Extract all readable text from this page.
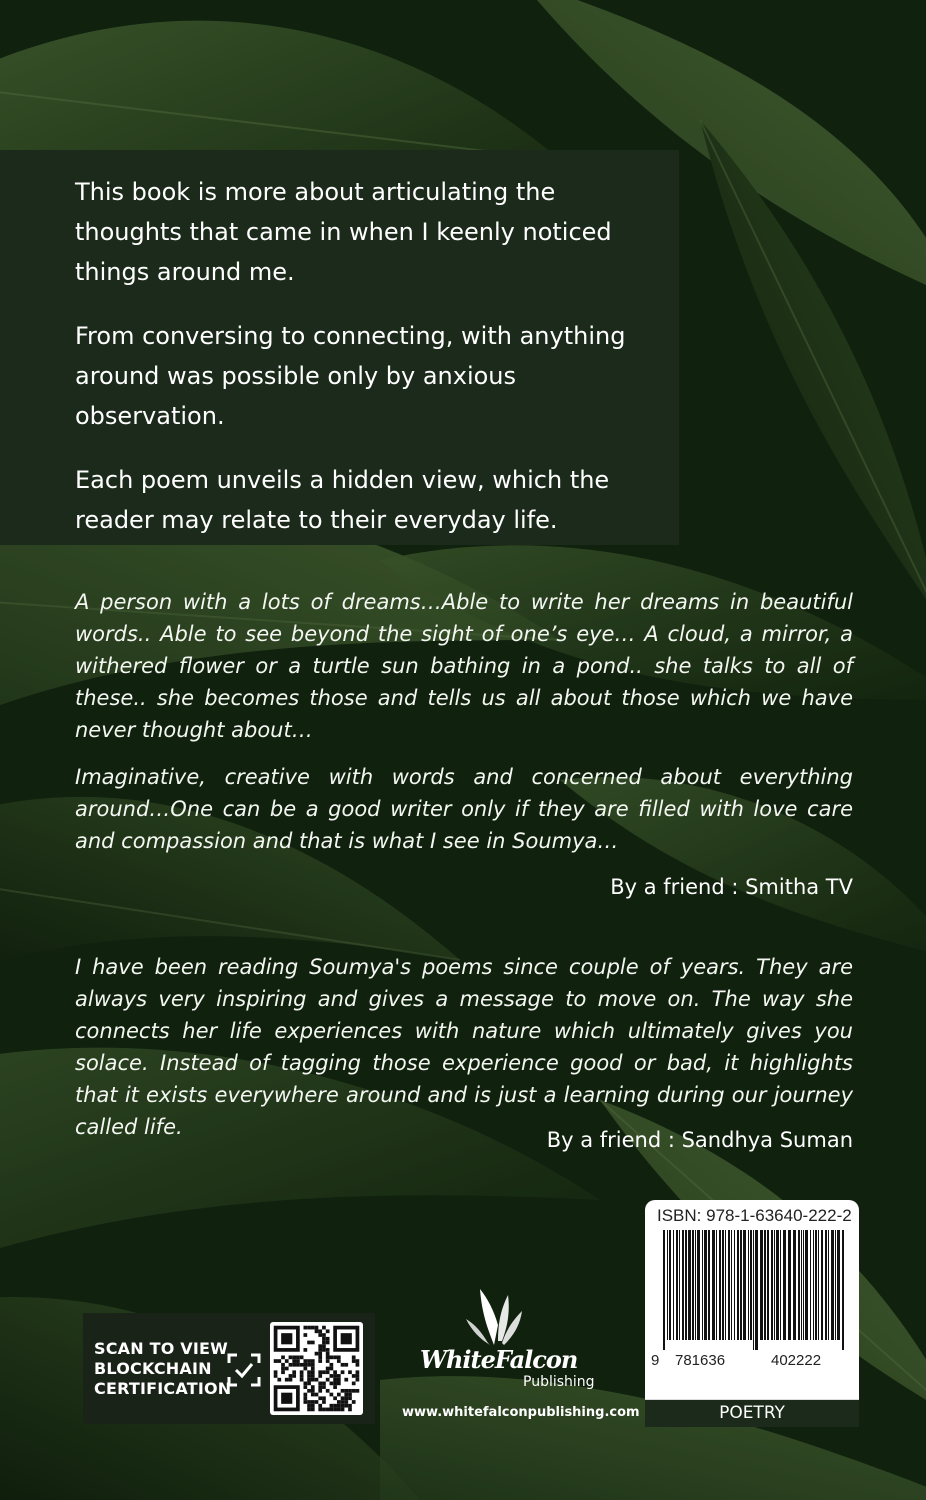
This book is more about articulating the thoughts that came in when I keenly noticed things around me.

From conversing to connecting, with anything around was possible only by anxious observation.

Each poem unveils a hidden view, which the reader may relate to their everyday life.

A person with a lots of dreams…Able to write her dreams in beautiful words.. Able to see beyond the sight of one’s eye… A cloud, a mirror, a withered flower or a turtle sun bathing in a pond.. she talks to all of these.. she becomes those and tells us all about those which we have never thought about…

Imaginative, creative with words and concerned about everything around…One can be a good writer only if they are filled with love care and compassion and that is what I see in Soumya…

By a friend : Smitha TV

I have been reading Soumya's poems since couple of years. They are always very inspiring and gives a message to move on. The way she connects her life experiences with nature which ultimately gives you solace. Instead of tagging those experience good or bad, it highlights that it exists everywhere around and is just a learning during our journey called life.

By a friend : Sandhya Suman
SCAN TO VIEW
BLOCKCHAIN
CERTIFICATION
WhiteFalcon
Publishing
www.whitefalconpublishing.com
ISBN: 978-1-63640-222-2
9 781636	402222
POETRY
